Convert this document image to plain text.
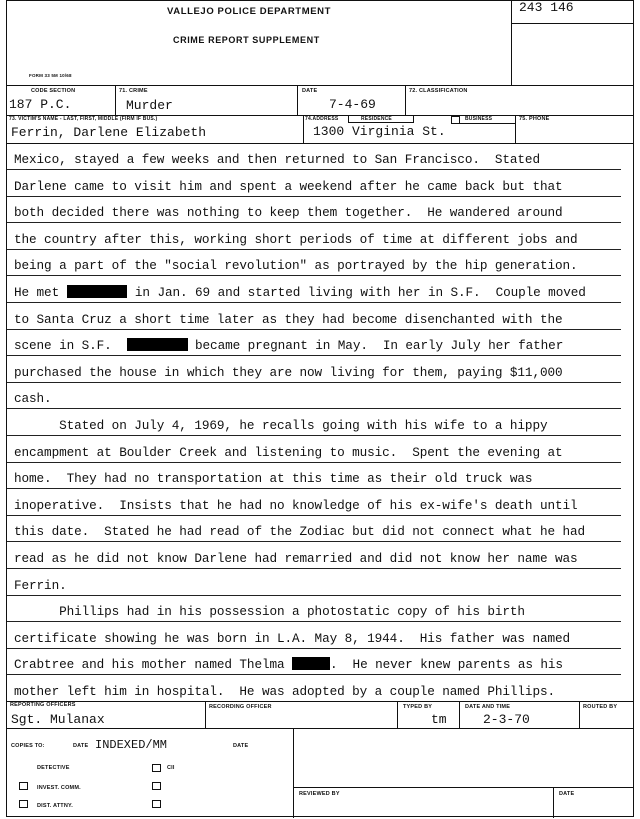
VALLEJO POLICE DEPARTMENT
CRIME REPORT SUPPLEMENT
243 146
FORM 33 5M 10/68
CODE SECTION
187 P.C.
71. CRIME
Murder
DATE
7-4-69
72. CLASSIFICATION
73. VICTIM'S NAME - LAST, FIRST, MIDDLE (FIRM IF BUS.)
Ferrin, Darlene Elizabeth
74.ADDRESS	RESIDENCE	BUSINESS	75. PHONE
1300 Virginia St.
Mexico, stayed a few weeks and then returned to San Francisco.  Stated
Darlene came to visit him and spent a weekend after he came back but that
both decided there was nothing to keep them together.  He wandered around
the country after this, working short periods of time at different jobs and
being a part of the "social revolution" as portrayed by the hip generation.
He met	in Jan. 69 and started living with her in S.F.  Couple moved
to Santa Cruz a short time later as they had become disenchanted with the
scene in S.F.	became pregnant in May.  In early July her father
purchased the house in which they are now living for them, paying $11,000
cash.
Stated on July 4, 1969, he recalls going with his wife to a hippy
encampment at Boulder Creek and listening to music.  Spent the evening at
home.  They had no transportation at this time as their old truck was
inoperative.  Insists that he had no knowledge of his ex-wife's death until
this date.  Stated he had read of the Zodiac but did not connect what he had
read as he did not know Darlene had remarried and did not know her name was
Ferrin.
Phillips had in his possession a photostatic copy of his birth
certificate showing he was born in L.A. May 8, 1944.  His father was named
Crabtree and his mother named Thelma	.  He never knew parents as his
mother left him in hospital.  He was adopted by a couple named Phillips.
REPORTING OFFICERS
Sgt. Mulanax
RECORDING OFFICER	TYPED BY
tm
DATE AND TIME
2-3-70
ROUTED BY
COPIES TO:	DATE INDEXED/MM	DATE
DETECTIVE	CII
INVEST. COMM.
DIST. ATTNY.
REVIEWED BY	DATE
